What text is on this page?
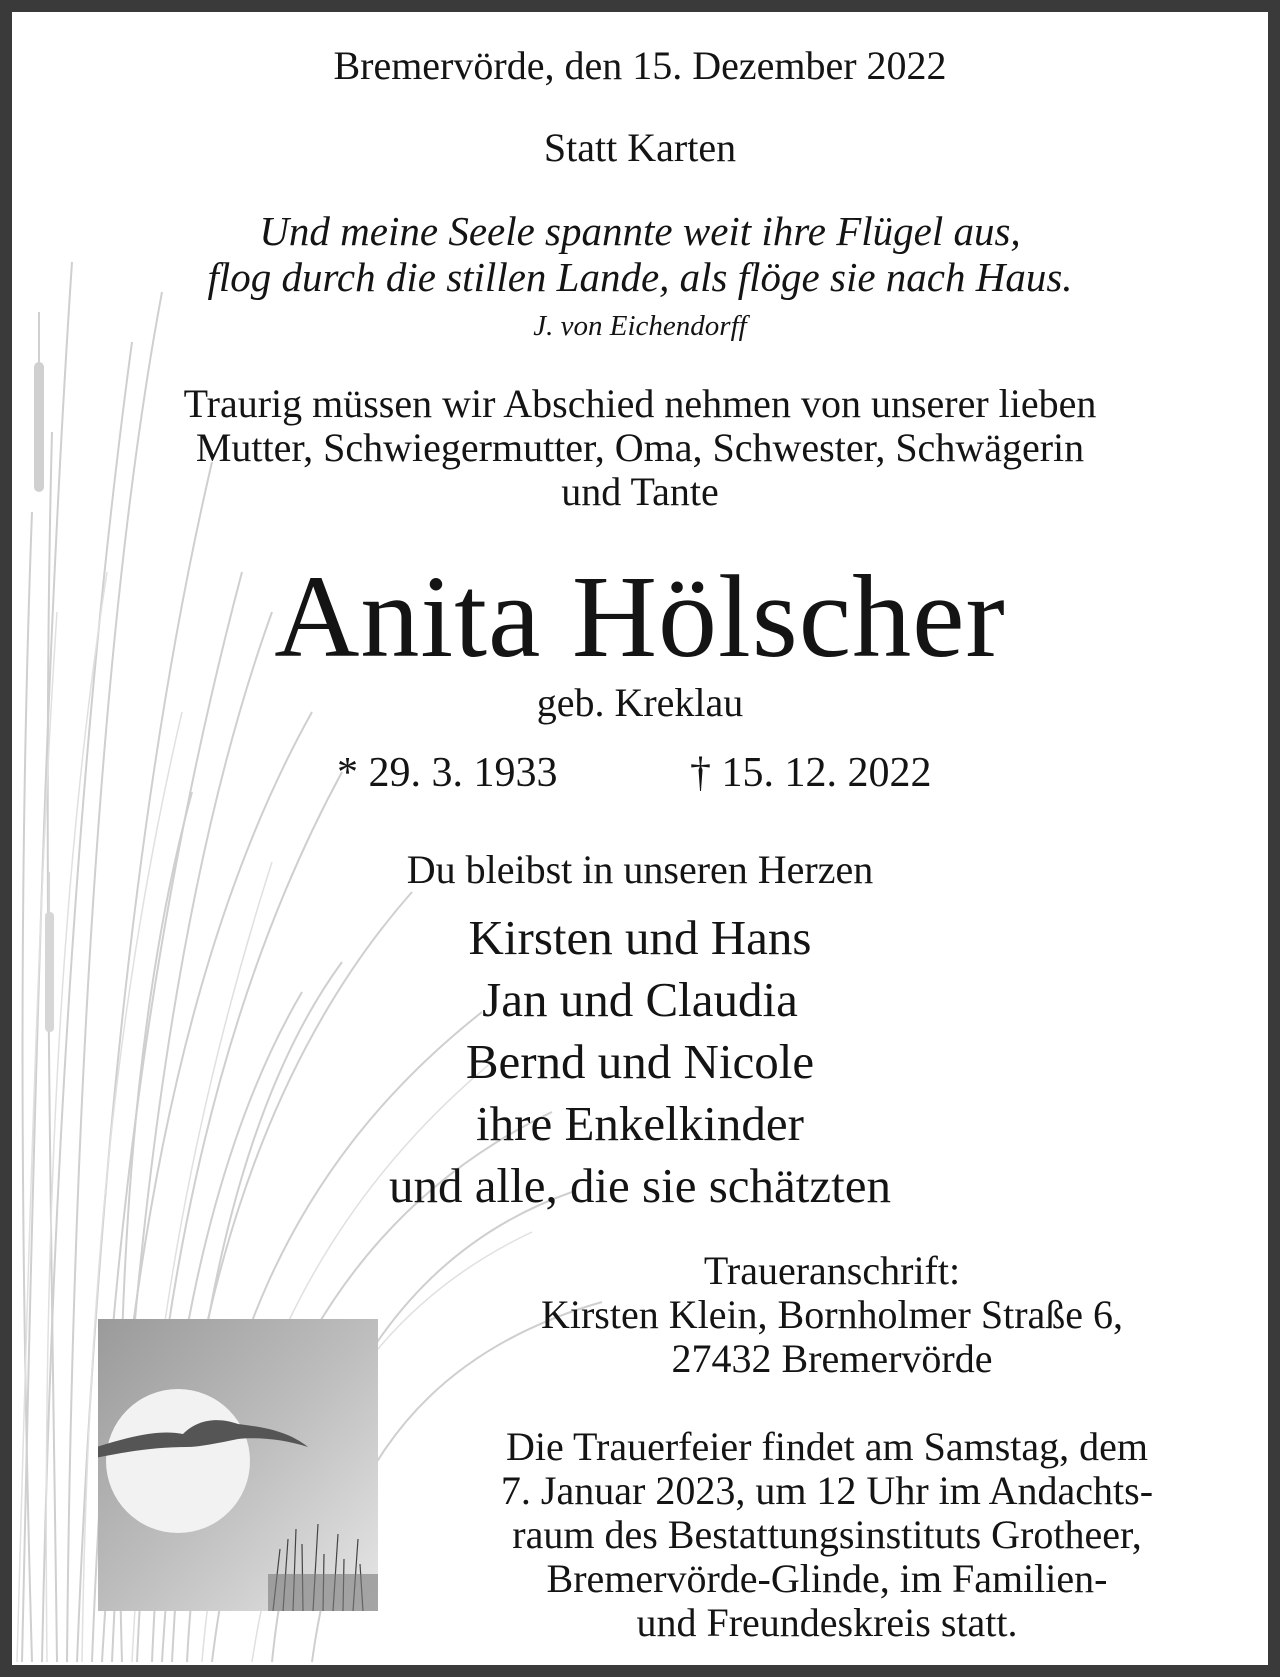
Bremervörde, den 15. Dezember 2022
Statt Karten
Und meine Seele spannte weit ihre Flügel aus,
flog durch die stillen Lande, als flöge sie nach Haus.
J. von Eichendorff
Traurig müssen wir Abschied nehmen von unserer lieben
Mutter, Schwiegermutter, Oma, Schwester, Schwägerin
und Tante
Anita Hölscher
geb. Kreklau
* 29. 3. 1933	† 15. 12. 2022
Du bleibst in unseren Herzen
Kirsten und Hans
Jan und Claudia
Bernd und Nicole
ihre Enkelkinder
und alle, die sie schätzten
Traueranschrift:
Kirsten Klein, Bornholmer Straße 6,
27432 Bremervörde
Die Trauerfeier findet am Samstag, dem
7. Januar 2023, um 12 Uhr im Andachts-
raum des Bestattungsinstituts Grotheer,
Bremervörde-Glinde, im Familien-
und Freundeskreis statt.
